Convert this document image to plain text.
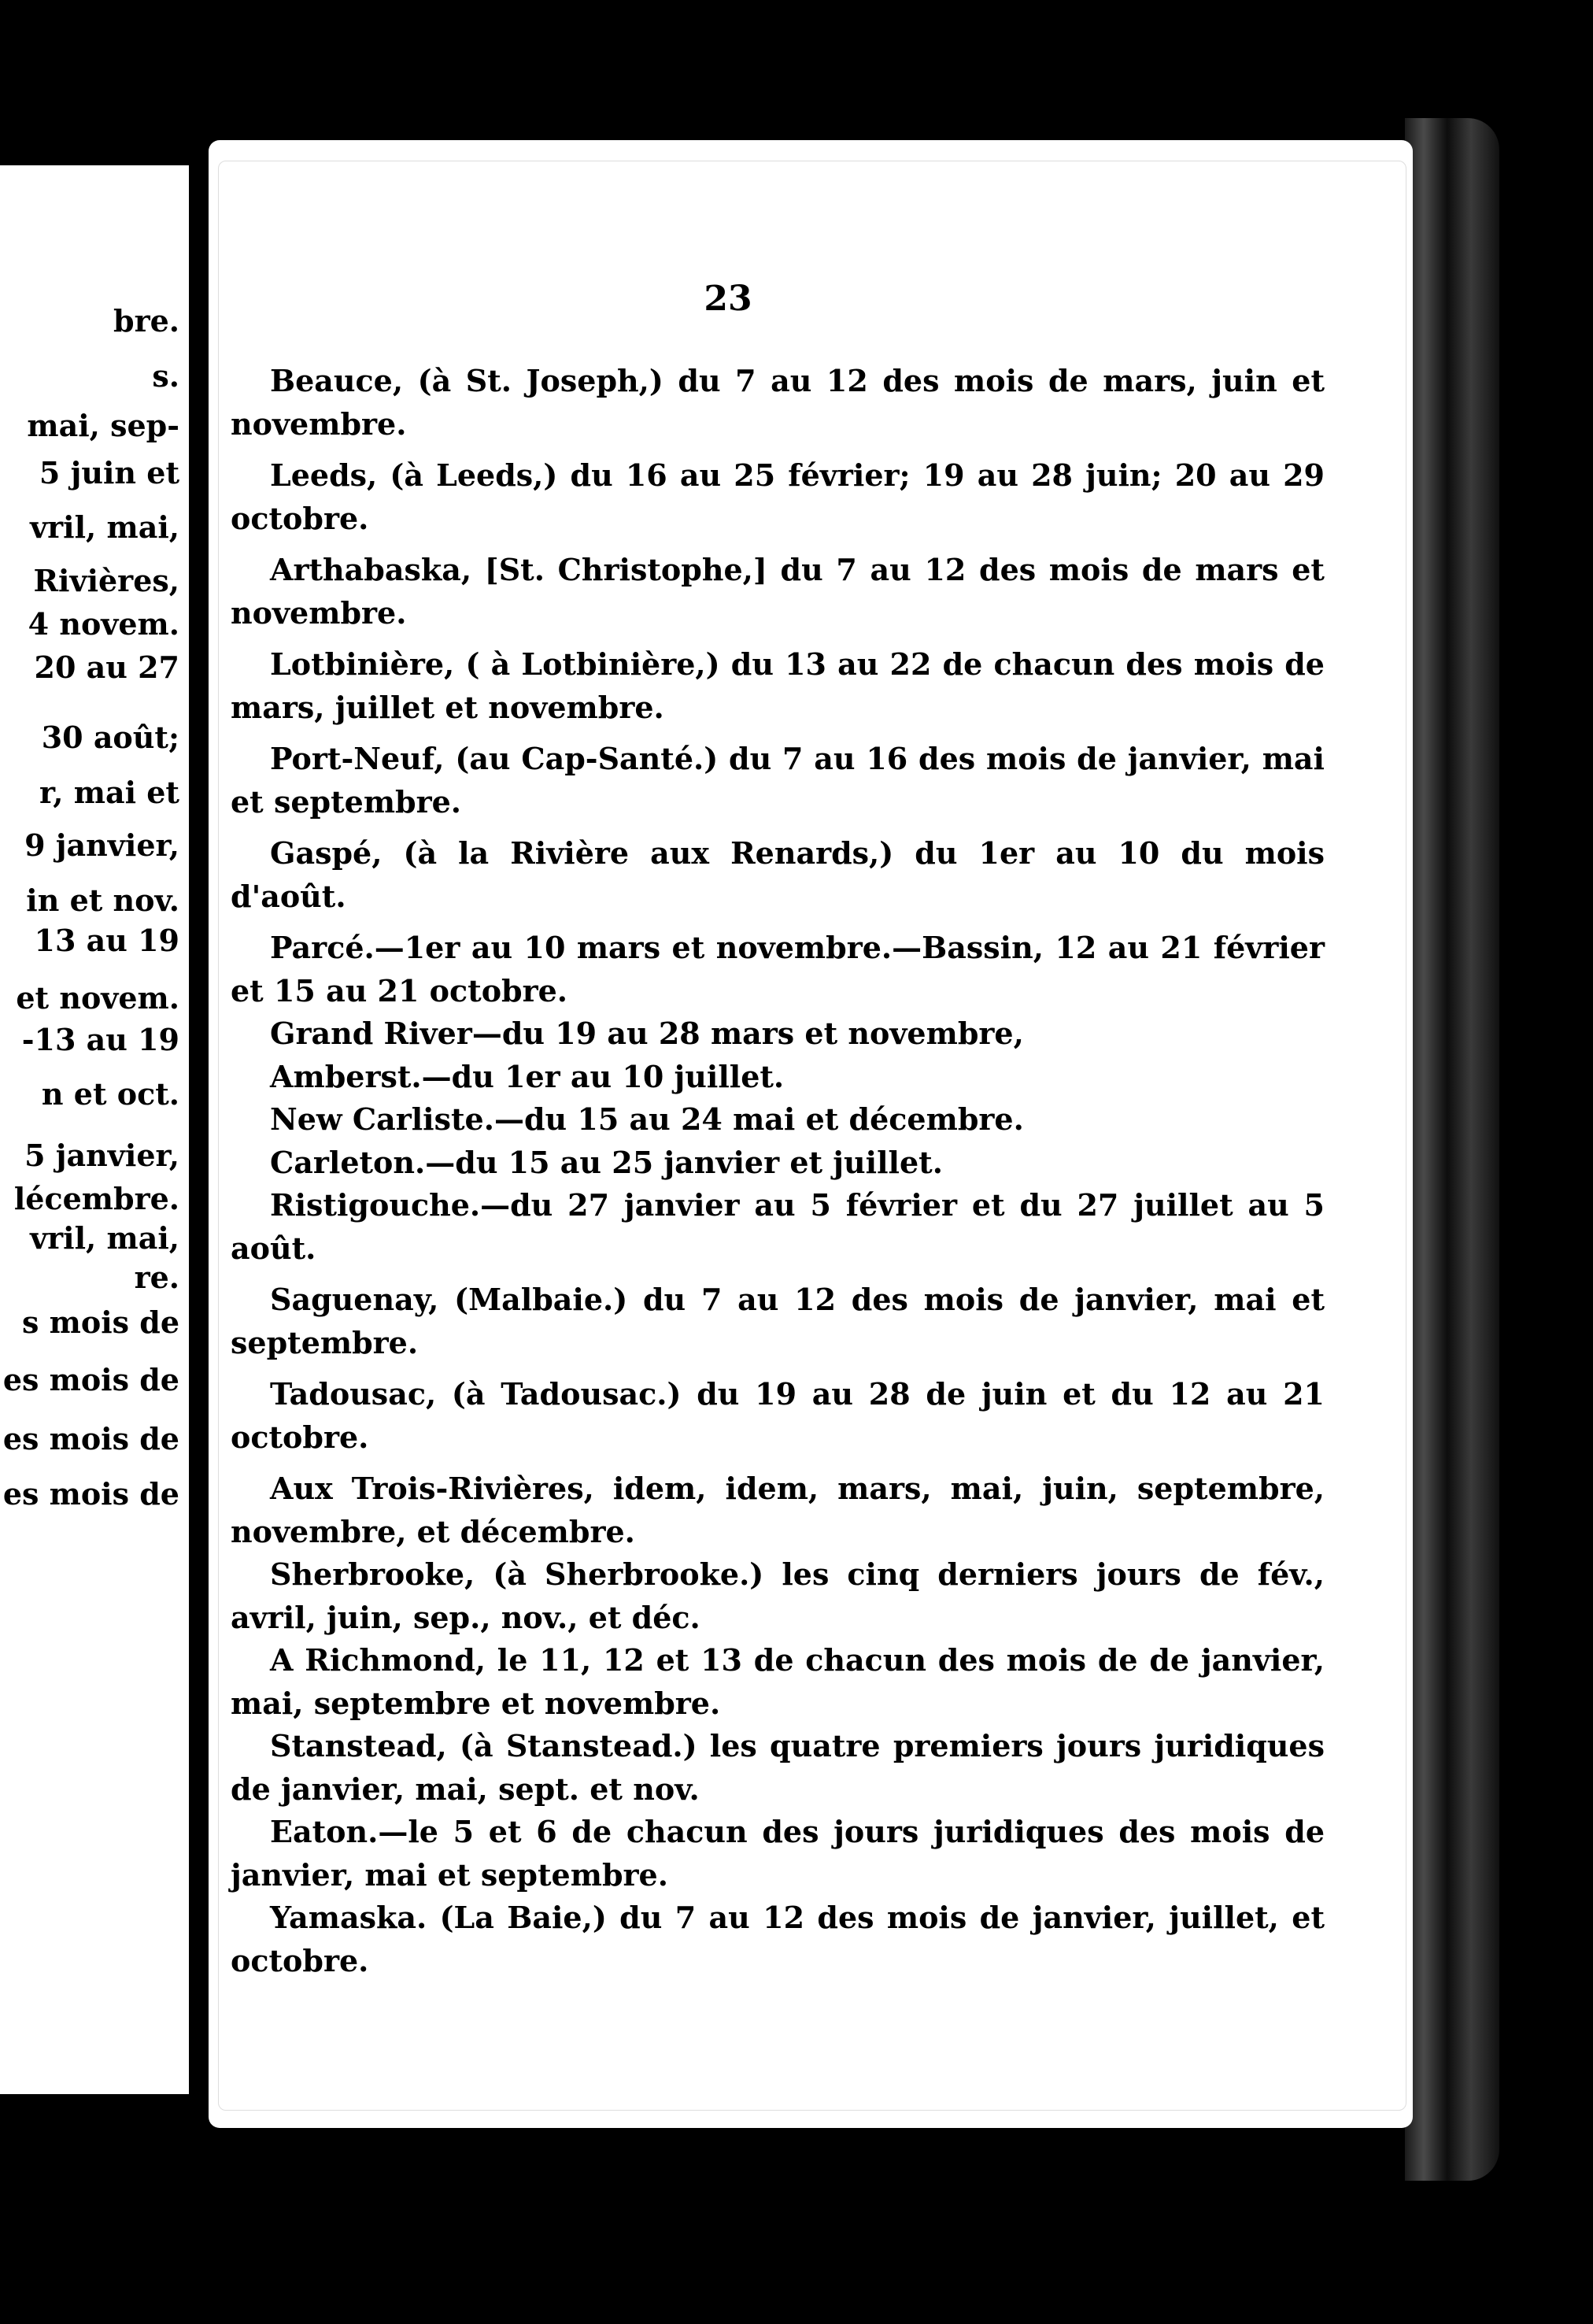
bre.
s.
mai, sep-
5 juin et
vril, mai,
Rivières,
4 novem.
20 au 27
30 août;
r, mai et
9 janvier,
in et nov.
13 au 19
et novem.
-13 au 19
n et oct.
5 janvier,
lécembre.
vril, mai,
re.
s mois de
es mois de
es mois de
es mois de
23
Beauce, (à St. Joseph,) du 7 au 12 des mois de mars, juin et novembre.
Leeds, (à Leeds,) du 16 au 25 février; 19 au 28 juin; 20 au 29 octobre.
Arthabaska, [St. Christophe,] du 7 au 12 des mois de mars et novembre.
Lotbinière, ( à Lotbinière,) du 13 au 22 de chacun des mois de mars, juillet et novembre.
Port-Neuf, (au Cap-Santé.) du 7 au 16 des mois de janvier, mai et septembre.
Gaspé, (à la Rivière aux Renards,) du 1er au 10 du mois d'août.
Parcé.—1er au 10 mars et novembre.—Bassin, 12 au 21 février et 15 au 21 octobre.
Grand River—du 19 au 28 mars et novembre,
Amberst.—du 1er au 10 juillet.
New Carliste.—du 15 au 24 mai et décembre.
Carleton.—du 15 au 25 janvier et juillet.
Ristigouche.—du 27 janvier au 5 février et du 27 juillet au 5 août.
Saguenay, (Malbaie.) du 7 au 12 des mois de janvier, mai et septembre.
Tadousac, (à Tadousac.) du 19 au 28 de juin et du 12 au 21 octobre.
Aux Trois-Rivières, idem, idem, mars, mai, juin, septembre, novembre, et décembre.
Sherbrooke, (à Sherbrooke.) les cinq derniers jours de fév., avril, juin, sep., nov., et déc.
A Richmond, le 11, 12 et 13 de chacun des mois de de janvier, mai, septembre et novembre.
Stanstead, (à Stanstead.) les quatre premiers jours juridiques de janvier, mai, sept. et nov.
Eaton.—le 5 et 6 de chacun des jours juridiques des mois de janvier, mai et septembre.
Yamaska. (La Baie,) du 7 au 12 des mois de janvier, juillet, et octobre.
